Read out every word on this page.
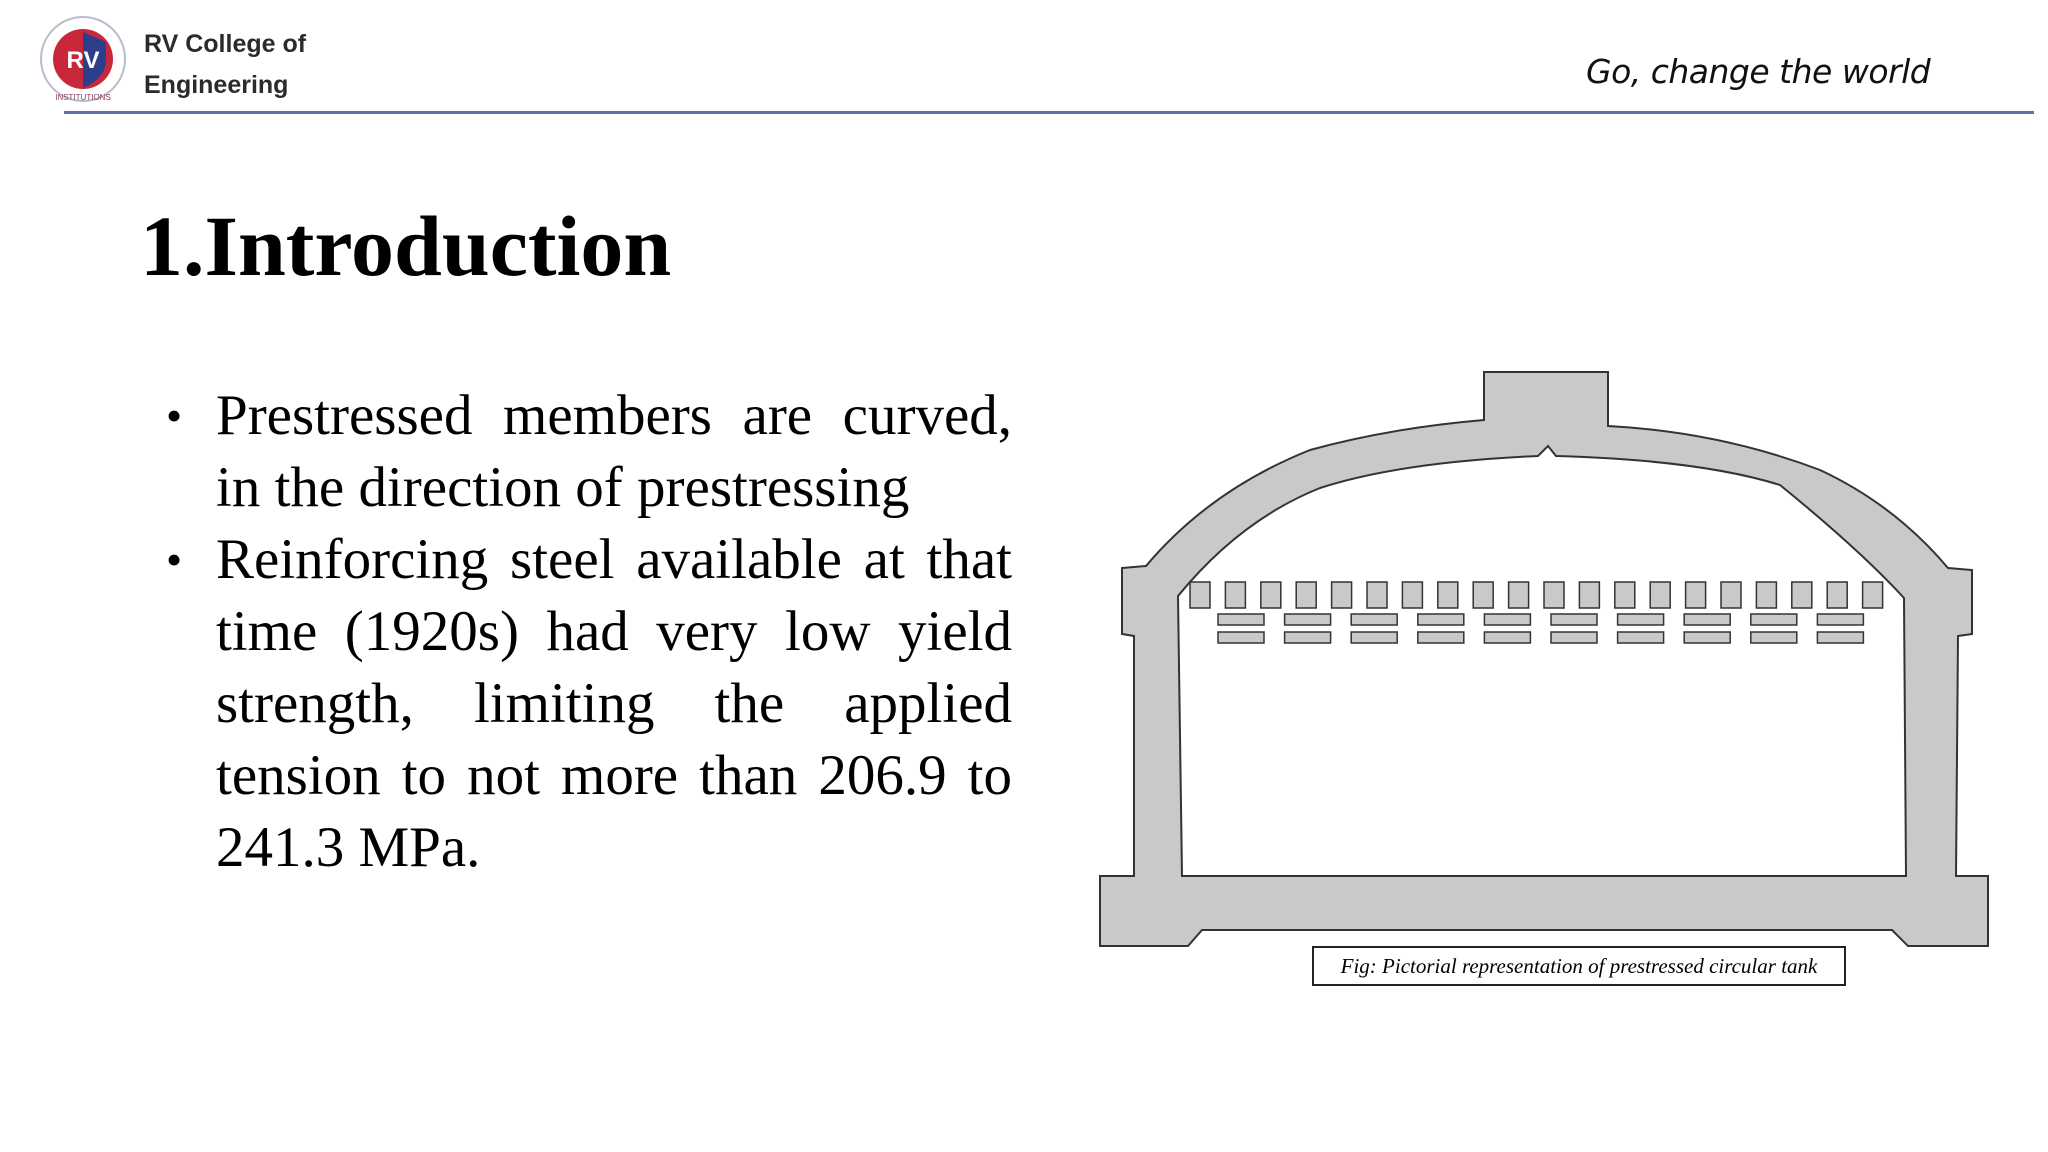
RV
INSTITUTIONS
RV College of
Engineering	Go, change the world
1.Introduction
• Prestressed members are curved, in the direction of prestressing
• Reinforcing steel available at that time (1920s) had very low yield strength, limiting the applied tension to not more than 206.9 to 241.3 MPa.
Fig: Pictorial representation of prestressed circular tank
